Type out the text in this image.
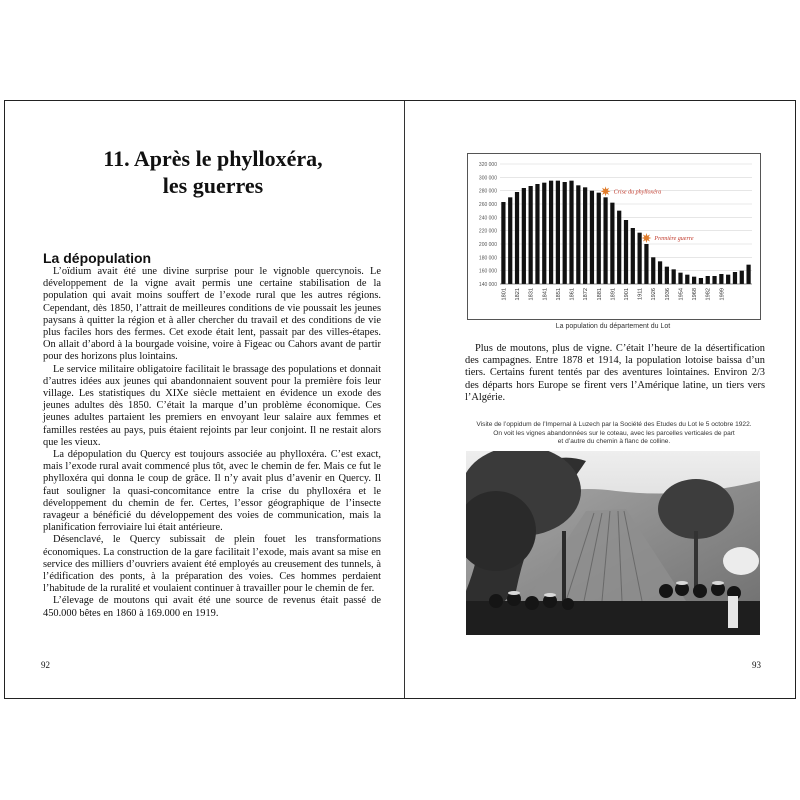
11. Après le phylloxéra,
les guerres
La dépopulation

L’oïdium avait été une divine surprise pour le vignoble quercynois. Le développement de la vigne avait permis une certaine stabilisation de la population qui avait moins souffert de l’exode rural que les autres régions. Cependant, dès 1850, l’attrait de meilleures conditions de vie poussait les jeunes paysans à quitter la région et à aller chercher du travail et des conditions de vie plus faciles hors des fermes. Cet exode était lent, passait par des villes-étapes. On allait d’abord à la bourgade voisine, voire à Figeac ou Cahors avant de partir pour des horizons plus lointains.

Le service militaire obligatoire facilitait le brassage des populations et donnait d’autres idées aux jeunes qui abandonnaient souvent pour la première fois leur village. Les statistiques du XIXe siècle mettaient en évidence un exode des jeunes adultes dès 1850. C’était la marque d’un problème économique. Ces jeunes adultes partaient les premiers en envoyant leur salaire aux femmes et familles restées au pays, puis étaient rejoints par leur conjoint. Il ne restait alors que les vieux.

La dépopulation du Quercy est toujours associée au phylloxéra. C’est exact, mais l’exode rural avait commencé plus tôt, avec le chemin de fer. Mais ce fut le phylloxéra qui donna le coup de grâce. Il n’y avait plus d’avenir en Quercy. Il faut souligner la quasi-concomitance entre la crise du phylloxéra et le développement du chemin de fer. Certes, l’essor géographique de l’insecte ravageur a bénéficié du développement des voies de communication, mais la planification ferroviaire lui était antérieure.

Désenclavé, le Quercy subissait de plein fouet les transformations économiques. La construction de la gare facilitait l’exode, mais avant sa mise en service des milliers d’ouvriers avaient été employés au creusement des tunnels, à l’édification des ponts, à la préparation des voies. Ces hommes perdaient l’habitude de la ruralité et voulaient continuer à travailler pour le chemin de fer.

L’élevage de moutons qui avait été une source de revenus était passé de 450.000 bêtes en 1860 à 169.000 en 1919.

92
140 000
160 000
180 000
200 000
220 000
240 000
260 000
280 000
300 000
320 000
1801 1821 1831 1841 1851 1861 1872 1881 1891 1901 1911 1926 1936 1954 1968 1982 1999
Crise du phylloxéra
Première guerre

La population du département du Lot

Plus de moutons, plus de vigne. C’était l’heure de la désertification des campagnes. Entre 1878 et 1914, la population lotoise baissa d’un tiers. Certains furent tentés par des aventures lointaines. Environ 2/3 des départs hors Europe se firent vers l’Amérique latine, un tiers vers l’Algérie.

Visite de l’oppidum de l’Impernal à Luzech par la Société des Etudes du Lot le 5 octobre 1922.
On voit les vignes abandonnées sur le coteau, avec les parcelles verticales de part
et d’autre du chemin à flanc de colline.

93
